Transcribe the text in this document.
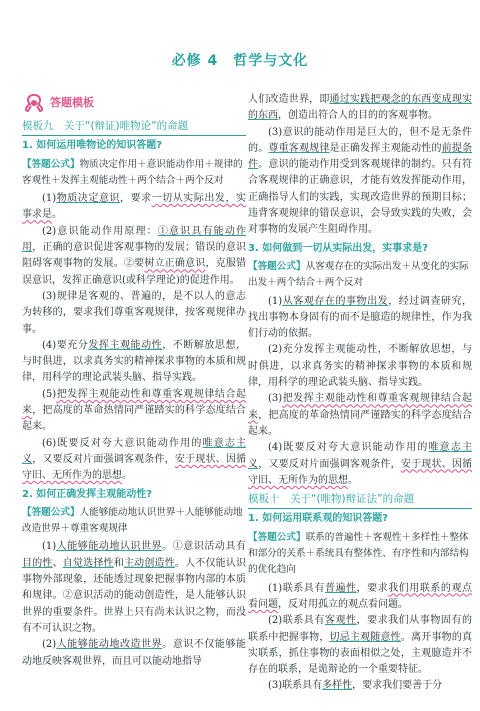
必修 4　哲学与文化
答题模板
模板九　关于“(辩证)唯物论”的命题
1. 如何运用唯物论的知识答题?
【答题公式】物质决定作用＋意识能动作用＋规律的客观性＋发挥主观能动性＋两个结合＋两个反对

(1)物质决定意识，要求一切从实际出发，实事求是。

(2)意识能动作用原理：①意识具有能动作用，正确的意识促进客观事物的发展；错误的意识阻碍客观事物的发展。②要树立正确意识，克服错误意识，发挥正确意识(或科学理论)的促进作用。

(3)规律是客观的、普遍的，是不以人的意志为转移的，要求我们尊重客观规律，按客观规律办事。

(4)要充分发挥主观能动性，不断解放思想，与时俱进，以求真务实的精神探求事物的本质和规律，用科学的理论武装头脑、指导实践。

(5)把发挥主观能动性和尊重客观规律结合起来，把高度的革命热情同严谨踏实的科学态度结合起来。

(6)既要反对夸大意识能动作用的唯意志主义，又要反对片面强调客观条件，安于现状、因循守旧、无所作为的思想。

2. 如何正确发挥主观能动性?
【答题公式】人能够能动地认识世界＋人能够能动地改造世界＋尊重客观规律

(1)人能够能动地认识世界。①意识活动具有目的性、自觉选择性和主动创造性。人不仅能认识事物外部现象，还能透过现象把握事物内部的本质和规律。②意识活动的能动创造性，是人能够认识世界的重要条件。世界上只有尚未认识之物，而没有不可认识之物。

(2)人能够能动地改造世界。意识不仅能够能动地反映客观世界，而且可以能动地指导

人们改造世界，即通过实践把观念的东西变成现实的东西，创造出符合人的目的的客观事物。

(3)意识的能动作用是巨大的，但不是无条件的。尊重客观规律是正确发挥主观能动性的前提条件。意识的能动作用受到客观规律的制约。只有符合客观规律的正确意识，才能有效发挥能动作用，正确指导人们的实践，实现改造世界的预期目标；违背客观规律的错误意识，会导致实践的失败，会对事物的发展产生阻碍作用。

3. 如何做到一切从实际出发，实事求是?
【答题公式】从客观存在的实际出发＋从变化的实际出发＋两个结合＋两个反对

(1)从客观存在的事物出发，经过调查研究，找出事物本身固有的而不是臆造的规律性，作为我们行动的依据。

(2)充分发挥主观能动性，不断解放思想，与时俱进，以求真务实的精神探求事物的本质和规律，用科学的理论武装头脑、指导实践。

(3)把发挥主观能动性和尊重客观规律结合起来，把高度的革命热情同严谨踏实的科学态度结合起来。

(4)既要反对夸大意识能动作用的唯意志主义，又要反对片面强调客观条件，安于现状、因循守旧、无所作为的思想。

模板十　关于“(唯物)辩证法”的命题
1. 如何运用联系观的知识答题?
【答题公式】联系的普遍性＋客观性＋多样性＋整体和部分的关系＋系统具有整体性、有序性和内部结构的优化趋向

(1)联系具有普遍性，要求我们用联系的观点看问题，反对用孤立的观点看问题。

(2)联系具有客观性，要求我们从事物固有的联系中把握事物，切忌主观随意性。离开事物的真实联系，抓住事物的表面相似之处，主观臆造并不存在的联系，是诡辩论的一个重要特征。

(3)联系具有多样性，要求我们要善于分
